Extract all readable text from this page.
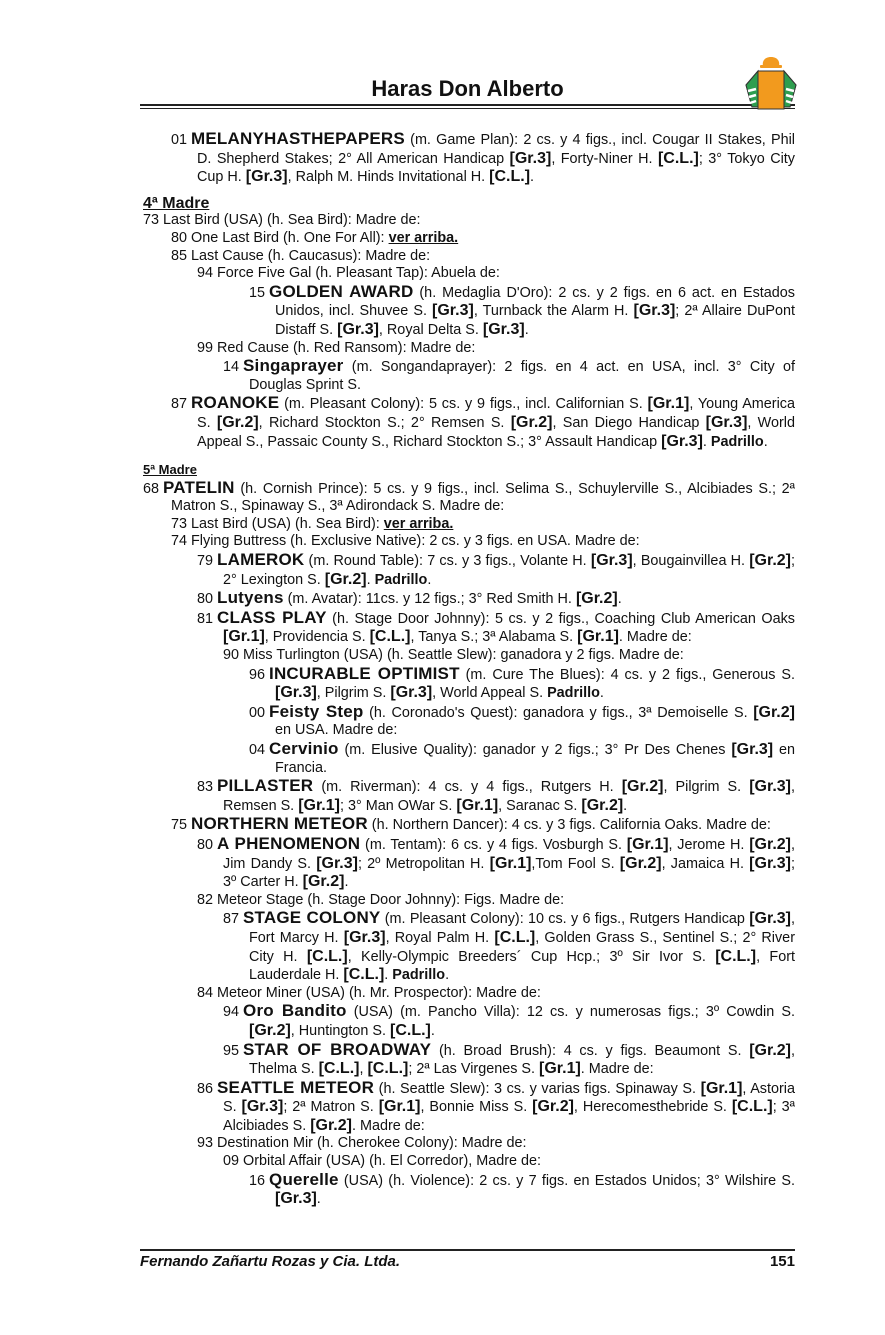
Haras Don Alberto

01 MELANYHASTHEPAPERS (m. Game Plan): 2 cs. y 4 figs., incl. Cougar II Stakes, Phil D. Shepherd Stakes; 2° All American Handicap [Gr.3], Forty-Niner H. [C.L.]; 3° Tokyo City Cup H. [Gr.3], Ralph M. Hinds Invitational H. [C.L.].

4ª Madre

73 Last Bird (USA) (h. Sea Bird): Madre de:

80 One Last Bird (h. One For All): ver arriba.

85 Last Cause (h. Caucasus): Madre de:

94 Force Five Gal (h. Pleasant Tap): Abuela de:

15 GOLDEN AWARD (h. Medaglia D'Oro): 2 cs. y 2 figs. en 6 act. en Estados Unidos, incl. Shuvee S. [Gr.3], Turnback the Alarm H. [Gr.3]; 2ª Allaire DuPont Distaff S. [Gr.3], Royal Delta S. [Gr.3].

99 Red Cause (h. Red Ransom): Madre de:

14 Singaprayer (m. Songandaprayer): 2 figs. en 4 act. en USA, incl. 3° City of Douglas Sprint S.

87 ROANOKE (m. Pleasant Colony): 5 cs. y 9 figs., incl. Californian S. [Gr.1], Young America S. [Gr.2], Richard Stockton S.; 2° Remsen S. [Gr.2], San Diego Handicap [Gr.3], World Appeal S., Passaic County S., Richard Stockton S.; 3° Assault Handicap [Gr.3]. Padrillo.

5ª Madre

68 PATELIN (h. Cornish Prince): 5 cs. y 9 figs., incl. Selima S., Schuylerville S., Alcibiades S.; 2ª Matron S., Spinaway S., 3ª Adirondack S. Madre de:

73 Last Bird (USA) (h. Sea Bird): ver arriba.

74 Flying Buttress (h. Exclusive Native): 2 cs. y 3 figs. en USA. Madre de:

79 LAMEROK (m. Round Table): 7 cs. y 3 figs., Volante H. [Gr.3], Bougainvillea H. [Gr.2]; 2° Lexington S. [Gr.2]. Padrillo.

80 Lutyens (m. Avatar): 11cs. y 12 figs.; 3° Red Smith H. [Gr.2].

81 CLASS PLAY (h. Stage Door Johnny): 5 cs. y 2 figs., Coaching Club American Oaks [Gr.1], Providencia S. [C.L.], Tanya S.; 3ª Alabama S. [Gr.1]. Madre de:

90 Miss Turlington (USA) (h. Seattle Slew): ganadora y 2 figs. Madre de:

96 INCURABLE OPTIMIST (m. Cure The Blues): 4 cs. y 2 figs., Generous S. [Gr.3], Pilgrim S. [Gr.3], World Appeal S. Padrillo.

00 Feisty Step (h. Coronado's Quest): ganadora y figs., 3ª Demoiselle S. [Gr.2] en USA. Madre de:

04 Cervinio (m. Elusive Quality): ganador y 2 figs.; 3° Pr Des Chenes [Gr.3] en Francia.

83 PILLASTER (m. Riverman): 4 cs. y 4 figs., Rutgers H. [Gr.2], Pilgrim S. [Gr.3], Remsen S. [Gr.1]; 3° Man OWar S. [Gr.1], Saranac S. [Gr.2].

75 NORTHERN METEOR (h. Northern Dancer): 4 cs. y 3 figs. California Oaks. Madre de:

80 A PHENOMENON (m. Tentam): 6 cs. y 4 figs. Vosburgh S. [Gr.1], Jerome H. [Gr.2], Jim Dandy S. [Gr.3]; 2º Metropolitan H. [Gr.1],Tom Fool S. [Gr.2], Jamaica H. [Gr.3]; 3º Carter H. [Gr.2].

82 Meteor Stage (h. Stage Door Johnny): Figs. Madre de:

87 STAGE COLONY (m. Pleasant Colony): 10 cs. y 6 figs., Rutgers Handicap [Gr.3], Fort Marcy H. [Gr.3], Royal Palm H. [C.L.], Golden Grass S., Sentinel S.; 2° River City H. [C.L.], Kelly-Olympic Breeders´ Cup Hcp.; 3º Sir Ivor S. [C.L.], Fort Lauderdale H. [C.L.]. Padrillo.

84 Meteor Miner (USA) (h. Mr. Prospector): Madre de:

94 Oro Bandito (USA) (m. Pancho Villa): 12 cs. y numerosas figs.; 3º Cowdin S. [Gr.2], Huntington S. [C.L.].

95 STAR OF BROADWAY (h. Broad Brush): 4 cs. y figs. Beaumont S. [Gr.2], Thelma S. [C.L.], [C.L.]; 2ª Las Virgenes S. [Gr.1]. Madre de:

86 SEATTLE METEOR (h. Seattle Slew): 3 cs. y varias figs. Spinaway S. [Gr.1], Astoria S. [Gr.3]; 2ª Matron S. [Gr.1], Bonnie Miss S. [Gr.2], Herecomesthebride S. [C.L.]; 3ª Alcibiades S. [Gr.2]. Madre de:

93 Destination Mir (h. Cherokee Colony): Madre de:

09 Orbital Affair (USA) (h. El Corredor), Madre de:

16 Querelle (USA) (h. Violence): 2 cs. y 7 figs. en Estados Unidos; 3° Wilshire S. [Gr.3].

Fernando Zañartu Rozas y Cia. Ltda.	151
